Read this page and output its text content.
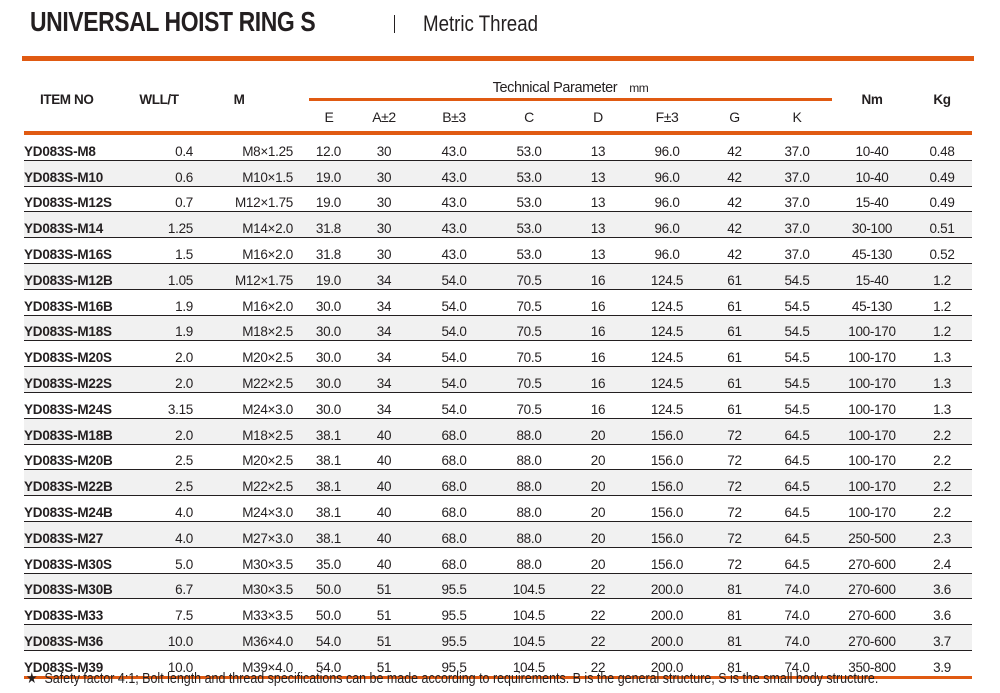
UNIVERSAL HOIST RING S	Metric Thread
ITEM NO	WLL/T	M	Technical Parameter mm								Nm	Kg
			E	A±2	B±3	C	D	F±3	G	K		
YD083S-M8	0.4	M8×1.25	12.0	30	43.0	53.0	13	96.0	42	37.0	10-40	0.48
YD083S-M10	0.6	M10×1.5	19.0	30	43.0	53.0	13	96.0	42	37.0	10-40	0.49
YD083S-M12S	0.7	M12×1.75	19.0	30	43.0	53.0	13	96.0	42	37.0	15-40	0.49
YD083S-M14	1.25	M14×2.0	31.8	30	43.0	53.0	13	96.0	42	37.0	30-100	0.51
YD083S-M16S	1.5	M16×2.0	31.8	30	43.0	53.0	13	96.0	42	37.0	45-130	0.52
YD083S-M12B	1.05	M12×1.75	19.0	34	54.0	70.5	16	124.5	61	54.5	15-40	1.2
YD083S-M16B	1.9	M16×2.0	30.0	34	54.0	70.5	16	124.5	61	54.5	45-130	1.2
YD083S-M18S	1.9	M18×2.5	30.0	34	54.0	70.5	16	124.5	61	54.5	100-170	1.2
YD083S-M20S	2.0	M20×2.5	30.0	34	54.0	70.5	16	124.5	61	54.5	100-170	1.3
YD083S-M22S	2.0	M22×2.5	30.0	34	54.0	70.5	16	124.5	61	54.5	100-170	1.3
YD083S-M24S	3.15	M24×3.0	30.0	34	54.0	70.5	16	124.5	61	54.5	100-170	1.3
YD083S-M18B	2.0	M18×2.5	38.1	40	68.0	88.0	20	156.0	72	64.5	100-170	2.2
YD083S-M20B	2.5	M20×2.5	38.1	40	68.0	88.0	20	156.0	72	64.5	100-170	2.2
YD083S-M22B	2.5	M22×2.5	38.1	40	68.0	88.0	20	156.0	72	64.5	100-170	2.2
YD083S-M24B	4.0	M24×3.0	38.1	40	68.0	88.0	20	156.0	72	64.5	100-170	2.2
YD083S-M27	4.0	M27×3.0	38.1	40	68.0	88.0	20	156.0	72	64.5	250-500	2.3
YD083S-M30S	5.0	M30×3.5	35.0	40	68.0	88.0	20	156.0	72	64.5	270-600	2.4
YD083S-M30B	6.7	M30×3.5	50.0	51	95.5	104.5	22	200.0	81	74.0	270-600	3.6
YD083S-M33	7.5	M33×3.5	50.0	51	95.5	104.5	22	200.0	81	74.0	270-600	3.6
YD083S-M36	10.0	M36×4.0	54.0	51	95.5	104.5	22	200.0	81	74.0	270-600	3.7
YD083S-M39	10.0	M39×4.0	54.0	51	95.5	104.5	22	200.0	81	74.0	350-800	3.9
★ Safety factor 4:1; Bolt length and thread specifications can be made according to requirements. B is the general structure, S is the small body structure.
